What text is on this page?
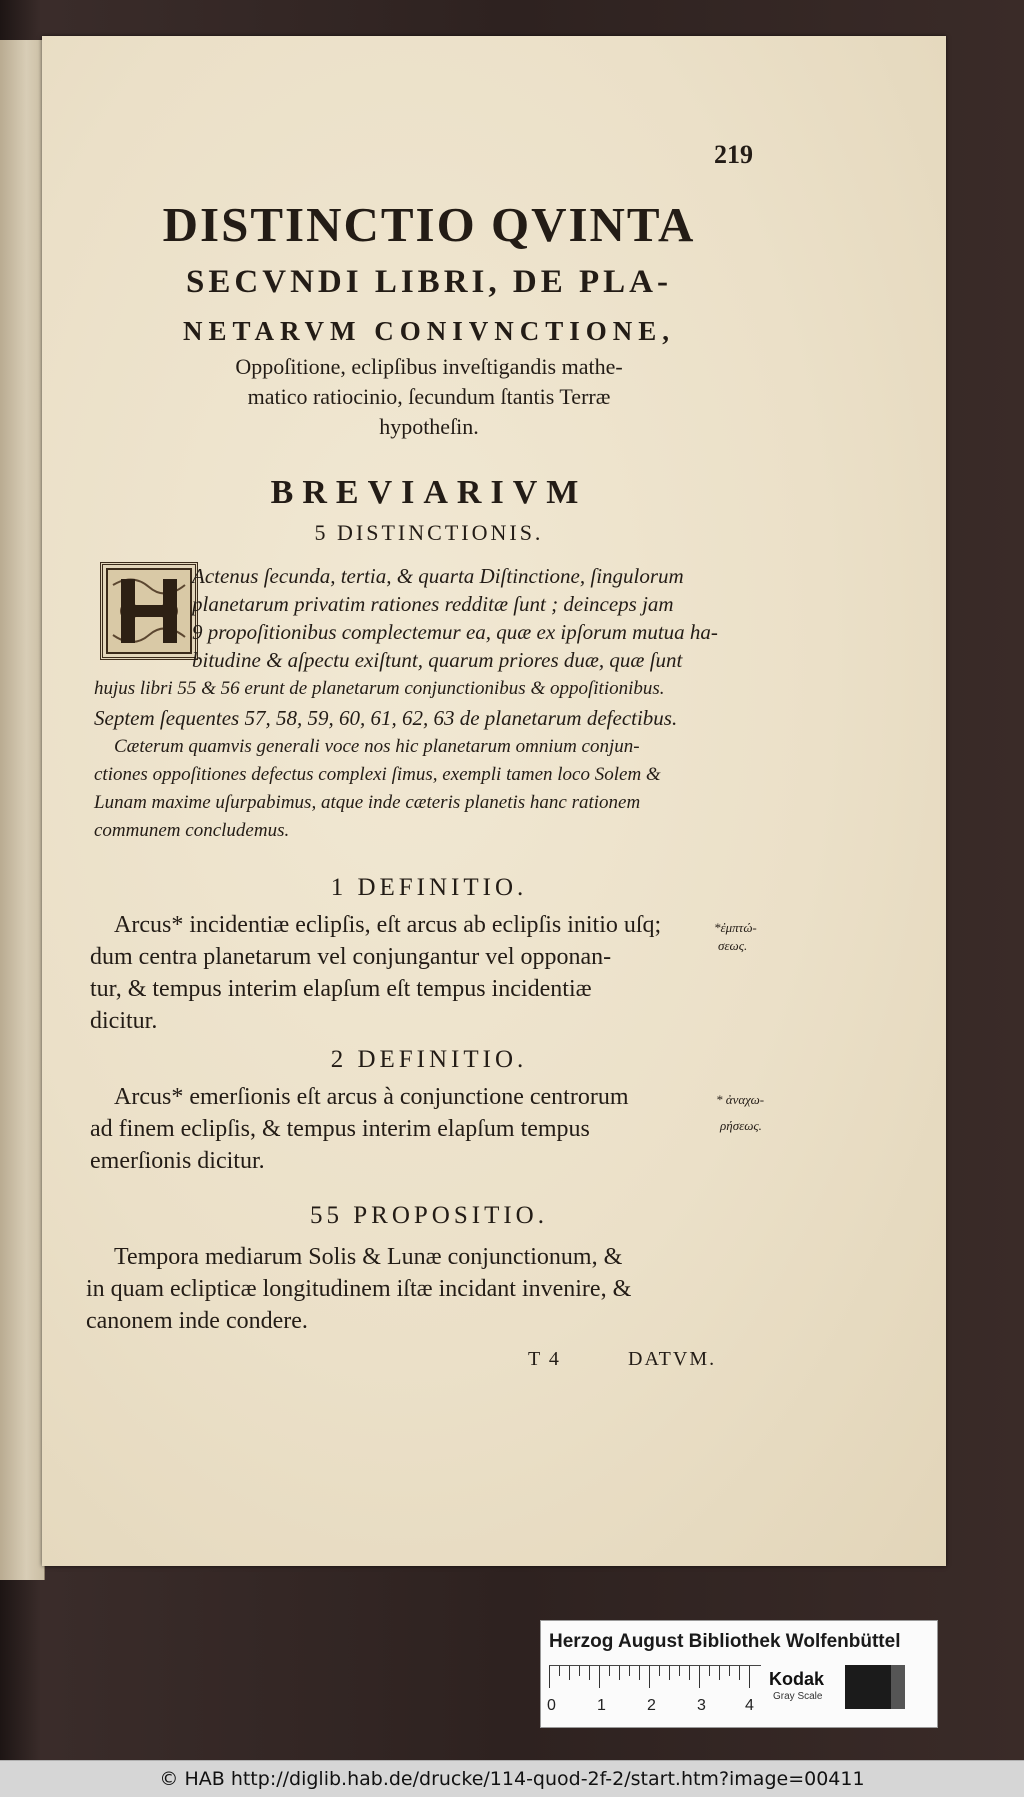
219
DISTINCTIO QVINTA
SECVNDI LIBRI, DE PLA-
NETARVM CONIVNCTIONE,
Oppoſitione, eclipſibus inveſtigandis mathe-
matico ratiocinio, ſecundum ſtantis Terræ
hypotheſin.
BREVIARIVM
5 DISTINCTIONIS.
Actenus ſecunda, tertia, & quarta Diſtinctione, ſingulorum
planetarum privatim rationes redditæ ſunt ; deinceps jam
9 propoſitionibus complectemur ea, quæ ex ipſorum mutua ha-
bitudine & aſpectu exiſtunt, quarum priores duæ, quæ ſunt
hujus libri 55 & 56 erunt de planetarum conjunctionibus & oppoſitionibus.
Septem ſequentes 57, 58, 59, 60, 61, 62, 63 de planetarum defectibus.
Cæterum quamvis generali voce nos hic planetarum omnium conjun-
ctiones oppoſitiones defectus complexi ſimus, exempli tamen loco Solem &
Lunam maxime uſurpabimus, atque inde cæteris planetis hanc rationem
communem concludemus.
1 DEFINITIO.
Arcus* incidentiæ eclipſis, eſt arcus ab eclipſis initio uſq;
dum centra planetarum vel conjungantur vel opponan-
tur, & tempus interim elapſum eſt tempus incidentiæ
dicitur.
*ἐμπτώ-
σεως.
2 DEFINITIO.
Arcus* emerſionis eſt arcus à conjunctione centrorum
ad finem eclipſis, & tempus interim elapſum tempus
emerſionis dicitur.
* ἀναχω-
ρήσεως.
55 PROPOSITIO.
Tempora mediarum Solis & Lunæ conjunctionum, &
in quam eclipticæ longitudinem iſtæ incidant invenire, &
canonem inde condere.
T 4	DATVM.
Herzog August Bibliothek Wolfenbüttel
0	1	2	3 4
Kodak
Gray Scale
© HAB http://diglib.hab.de/drucke/114-quod-2f-2/start.htm?image=00411
